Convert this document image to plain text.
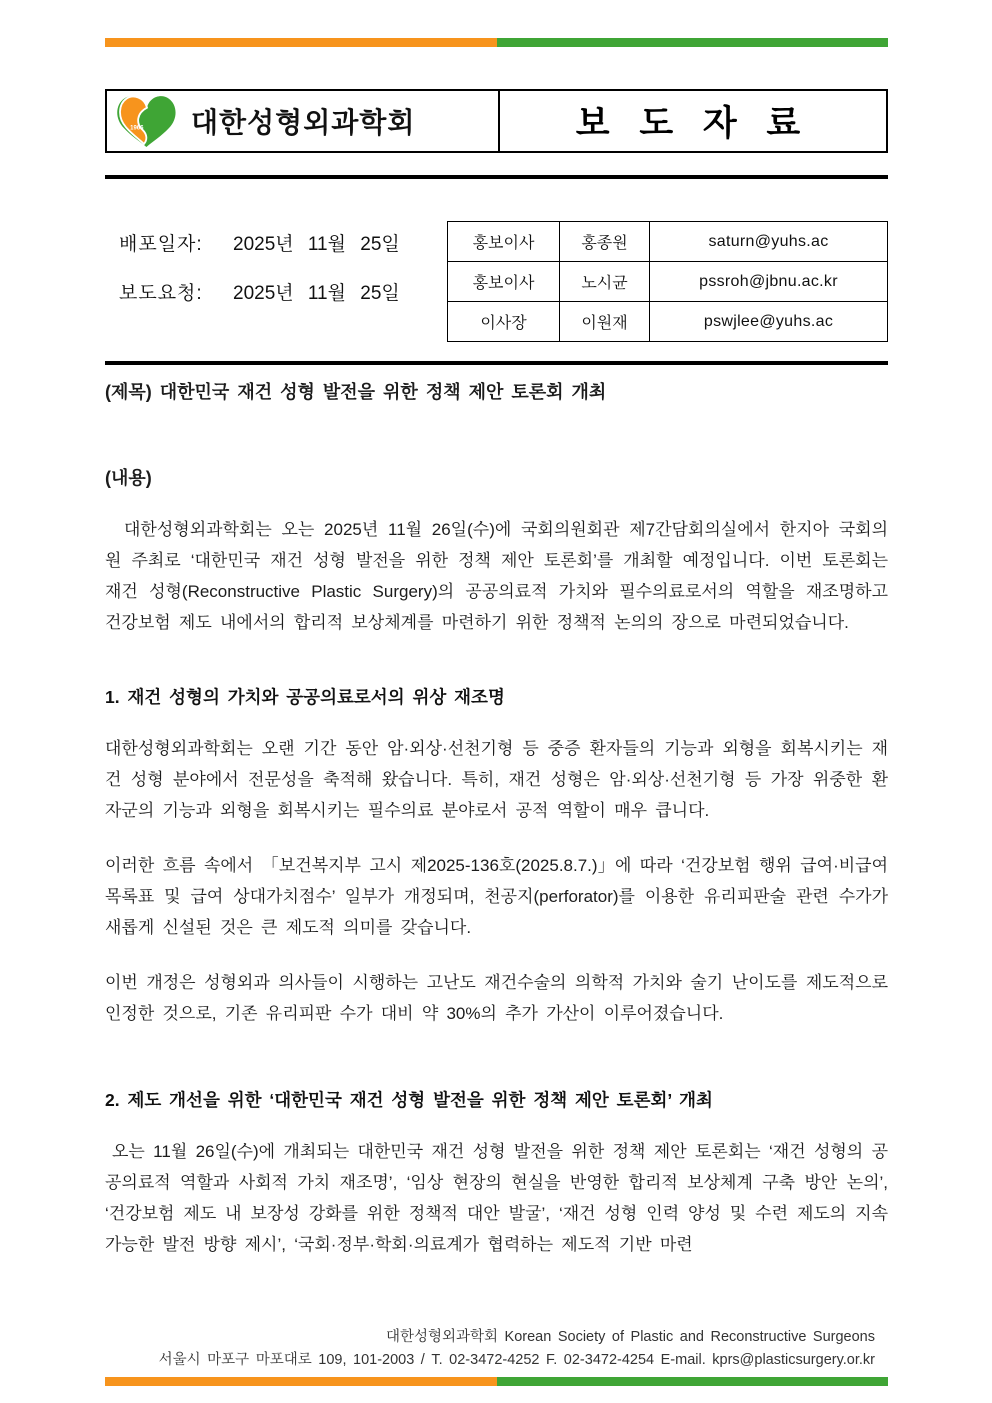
1966 대한성형외과학회	보 도 자 료
배포일자:	2025년 11월 25일
보도요청:	2025년 11월 25일
홍보이사	홍종원	saturn@yuhs.ac
홍보이사	노시균	pssroh@jbnu.ac.kr
이사장	이원재	pswjlee@yuhs.ac
(제목) 대한민국 재건 성형 발전을 위한 정책 제안 토론회 개최
(내용)

대한성형외과학회는 오는 2025년 11월 26일(수)에 국회의원회관 제7간담회의실에서 한지아 국회의원 주최로 ‘대한민국 재건 성형 발전을 위한 정책 제안 토론회’를 개최할 예정입니다. 이번 토론회는 재건 성형(Reconstructive Plastic Surgery)의 공공의료적 가치와 필수의료로서의 역할을 재조명하고 건강보험 제도 내에서의 합리적 보상체계를 마련하기 위한 정책적 논의의 장으로 마련되었습니다.

1. 재건 성형의 가치와 공공의료로서의 위상 재조명

대한성형외과학회는 오랜 기간 동안 암·외상·선천기형 등 중증 환자들의 기능과 외형을 회복시키는 재건 성형 분야에서 전문성을 축적해 왔습니다. 특히, 재건 성형은 암·외상·선천기형 등 가장 위중한 환자군의 기능과 외형을 회복시키는 필수의료 분야로서 공적 역할이 매우 큽니다.

이러한 흐름 속에서 「보건복지부 고시 제2025-136호(2025.8.7.)」에 따라 ‘건강보험 행위 급여·비급여 목록표 및 급여 상대가치점수’ 일부가 개정되며, 천공지(perforator)를 이용한 유리피판술 관련 수가가 새롭게 신설된 것은 큰 제도적 의미를 갖습니다.

이번 개정은 성형외과 의사들이 시행하는 고난도 재건수술의 의학적 가치와 술기 난이도를 제도적으로 인정한 것으로, 기존 유리피판 수가 대비 약 30%의 추가 가산이 이루어졌습니다.

2. 제도 개선을 위한 ‘대한민국 재건 성형 발전을 위한 정책 제안 토론회’ 개최

오는 11월 26일(수)에 개최되는 대한민국 재건 성형 발전을 위한 정책 제안 토론회는 ‘재건 성형의 공공의료적 역할과 사회적 가치 재조명’, ‘임상 현장의 현실을 반영한 합리적 보상체계 구축 방안 논의’, ‘건강보험 제도 내 보장성 강화를 위한 정책적 대안 발굴’, ‘재건 성형 인력 양성 및 수련 제도의 지속 가능한 발전 방향 제시’, ‘국회·정부·학회·의료계가 협력하는 제도적 기반 마련

대한성형외과학회 Korean Society of Plastic and Reconstructive Surgeons
서울시 마포구 마포대로 109, 101-2003 / T. 02-3472-4252 F. 02-3472-4254 E-mail. kprs@plasticsurgery.or.kr
